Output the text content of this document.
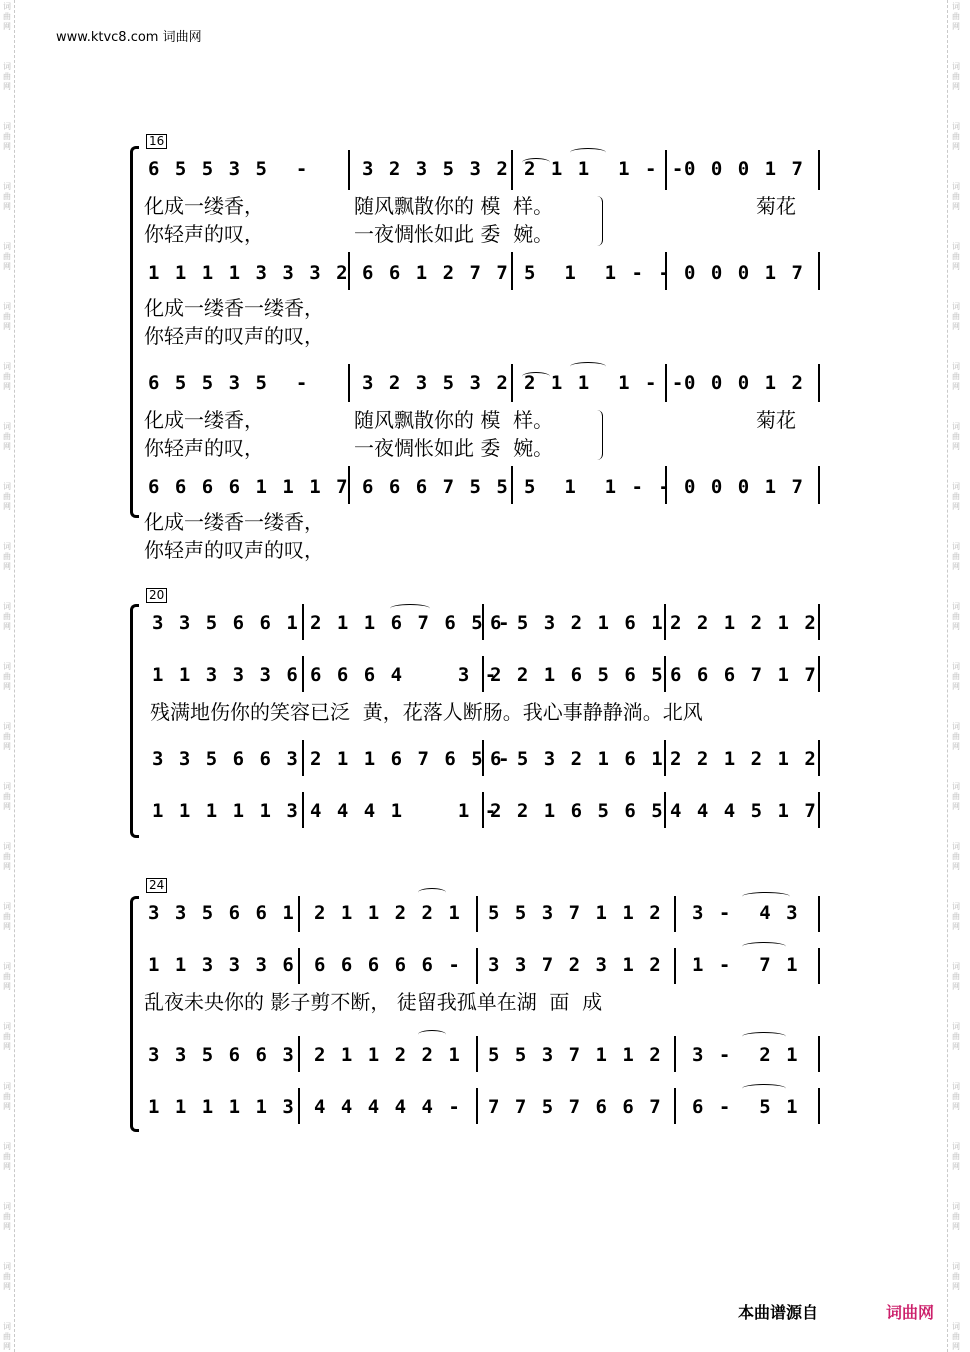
www.ktvc8.com 词曲网
16
6 5 5 3 5  -	3 2 3 5 3 2 2 1 1  1 - -
0 0 0 1 7
化成一缕香，	随风飘散你的 模  样。	菊花
你轻声的叹，	一夜惆怅如此 委  婉。
1 1 1 1 3 3 3 2 6 6 1 2 7 7 5  1  1 - - 0 0 0 1 7
化成一缕香一缕香，
你轻声的叹声的叹，
6 5 5 3 5  -	3 2 3 5 3 2 2 1 1  1 - -
0 0 0 1 2
化成一缕香，	随风飘散你的 模  样。	菊花
你轻声的叹，	一夜惆怅如此 委  婉。
6 6 6 6 1 1 1 7 6 6 6 7 5 5 5  1  1 - - 0 0 0 1 7
化成一缕香一缕香，
你轻声的叹声的叹，
20
3 3 5 6 6 1 2 1 1 6 7 6 5 -
6 5 3 2 1 6 1 2 2 1 2 1 2
1 1 3 3 3 6 6 6 6 4    3 -
2 2 1 6 5 6 5 6 6 6 7 1 7
残满地伤你的笑容已泛  黄，花落人断肠。我心事静静淌。北风
3 3 5 6 6 3 2 1 1 6 7 6 5 -
6 5 3 2 1 6 1 2 2 1 2 1 2
1 1 1 1 1 3 4 4 4 1    1 -
2 2 1 6 5 6 5 4 4 4 5 1 7
24
3 3 5 6 6 1 2 1 1 2 2 1 5 5 3 7 1 1 2 3 -  4 3
1 1 3 3 3 6 6 6 6 6 6 - 3 3 7 2 3 1 2 1 -  7 1
乱夜未央你的 影子剪不断， 徒留我孤单在湖  面  成
3 3 5 6 6 3 2 1 1 2 2 1 5 5 3 7 1 1 2 3 -  2 1
1 1 1 1 1 3 4 4 4 4 4 - 7 7 5 7 6 6 7 6 -  5 1
本曲谱源自	词曲网
词	词
曲	曲
网	网
词	词
曲	曲
网	网
词	词
曲	曲
网	网
词	词
曲	曲
网	网
词	词
曲	曲
网	网
词	词
曲	曲
网	网
词	词
曲	曲
网	网
词	词
曲	曲
网	网
词	词
曲	曲
网	网
词	词
曲	曲
网	网
词	词
曲	曲
网	网
词	词
曲	曲
网	网
词	词
曲	曲
网	网
词	词
曲	曲
网	网
词	词
曲	曲
网	网
词	词
曲	曲
网	网
词	词
曲	曲
网	网
词	词
曲	曲
网	网
词	词
曲	曲
网	网
词	词
曲	曲
网	网
词	词
曲	曲
网	网
词	词
曲	曲
网	网
词	词
曲	曲
网	网
